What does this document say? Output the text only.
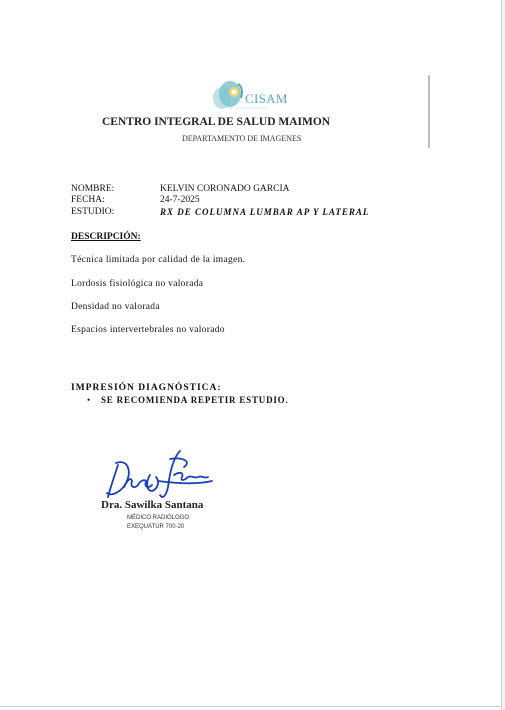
CISAM
CENTRO INTEGRAL DE SALUD MAIMON
DEPARTAMENTO DE IMAGENES
NOMBRE:	KELVIN CORONADO GARCIA
FECHA:	24-7-2025
ESTUDIO:	RX DE COLUMNA LUMBAR AP Y LATERAL
DESCRIPCIÓN:
Técnica limitada por calidad de la imagen.
Lordosis fisiológica no valorada
Densidad no valorada
Espacios intervertebrales no valorado
IMPRESIÓN DIAGNÓSTICA:
• SE RECOMIENDA REPETIR ESTUDIO.
Dra. Sawilka Santana
MÉDICO RADIÓLOGO
EXEQUATUR 700-20
